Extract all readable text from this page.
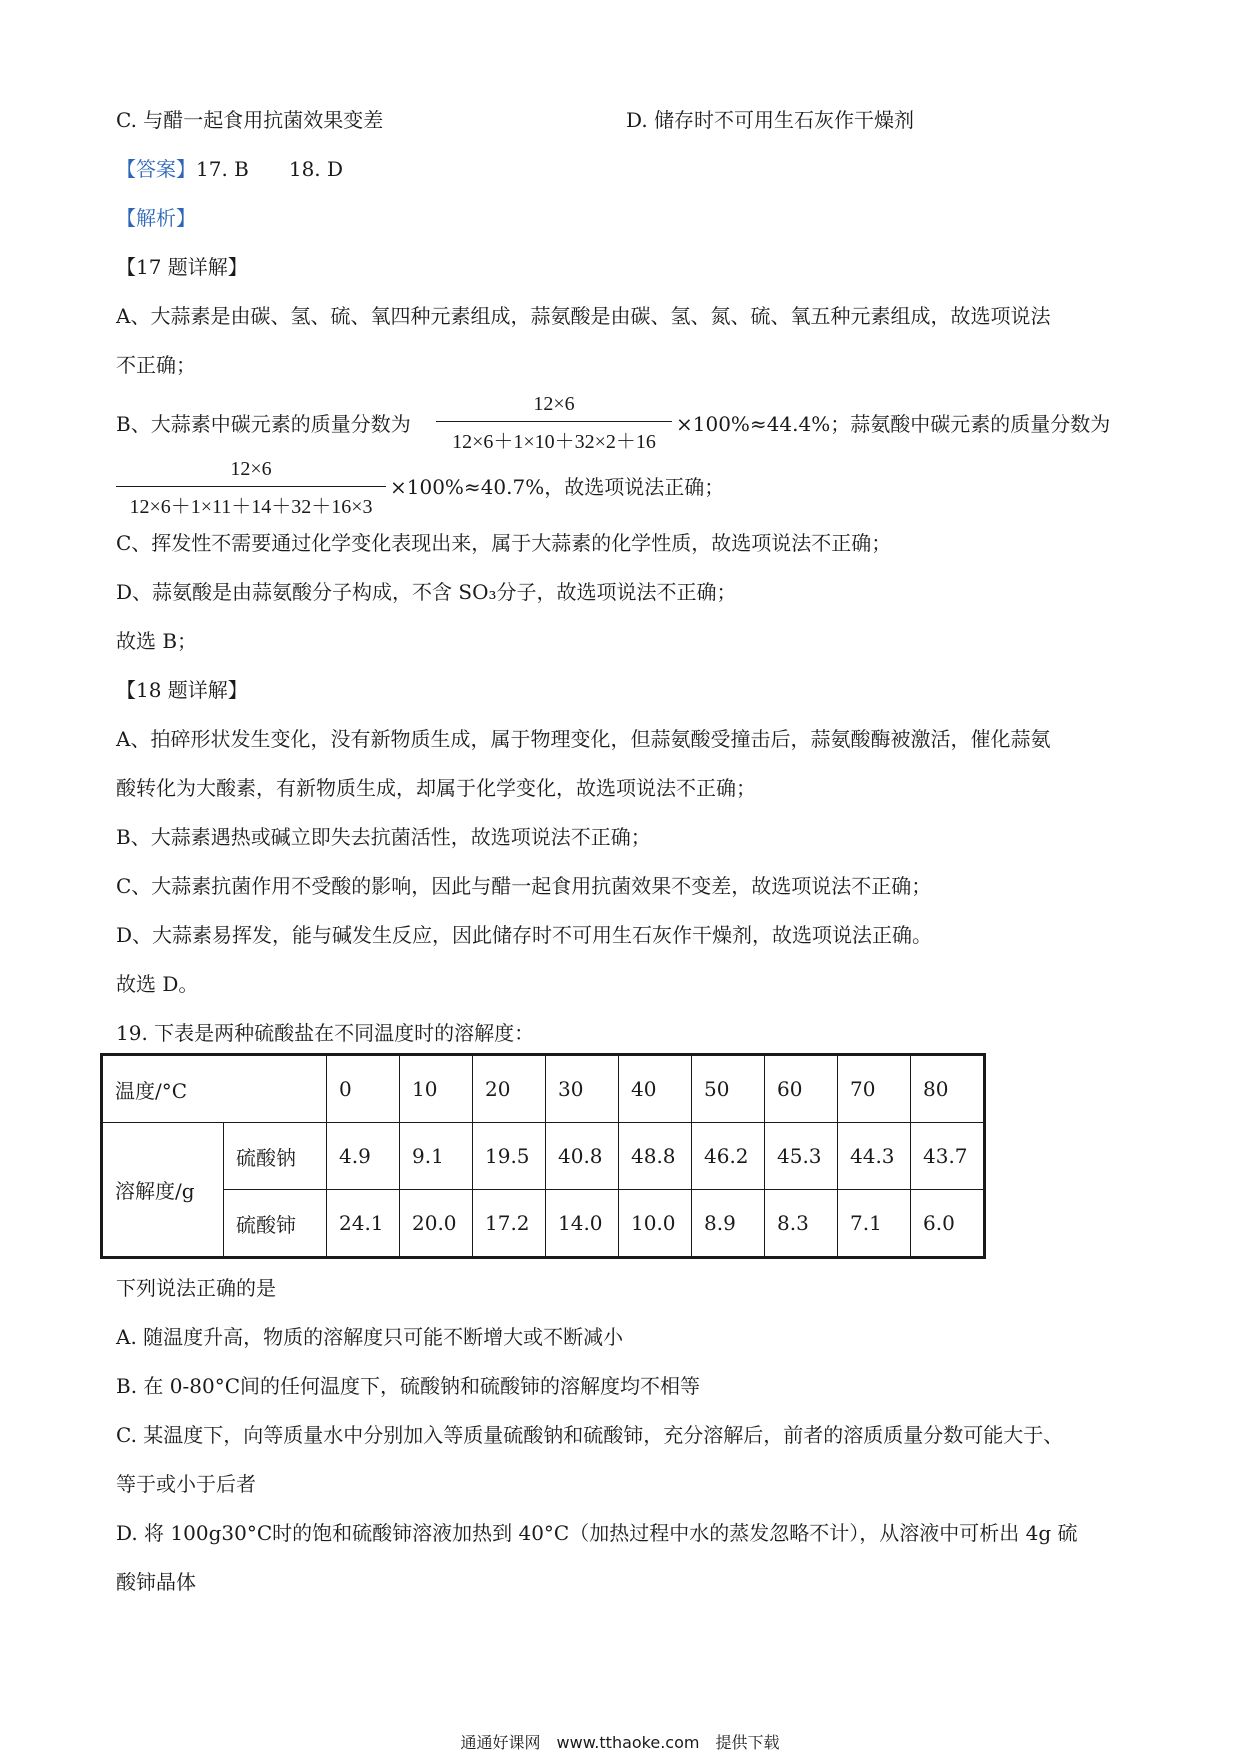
C. 与醋一起食用抗菌效果变差	D. 储存时不可用生石灰作干燥剂
【答案】17. B　　18. D
【解析】
【17 题详解】
A、大蒜素是由碳、氢、硫、氧四种元素组成，蒜氨酸是由碳、氢、氮、硫、氧五种元素组成，故选项说法
不正确；
B、大蒜素中碳元素的质量分数为
12×6
12×6＋1×10＋32×2＋16
×100%≈44.4%；蒜氨酸中碳元素的质量分数为
12×6
12×6＋1×11＋14＋32＋16×3
×100%≈40.7%，故选项说法正确；
C、挥发性不需要通过化学变化表现出来，属于大蒜素的化学性质，故选项说法不正确；
D、蒜氨酸是由蒜氨酸分子构成，不含 SO₃分子，故选项说法不正确；
故选 B；
【18 题详解】
A、拍碎形状发生变化，没有新物质生成，属于物理变化，但蒜氨酸受撞击后，蒜氨酸酶被激活，催化蒜氨
酸转化为大酸素，有新物质生成，却属于化学变化，故选项说法不正确；
B、大蒜素遇热或碱立即失去抗菌活性，故选项说法不正确；
C、大蒜素抗菌作用不受酸的影响，因此与醋一起食用抗菌效果不变差，故选项说法不正确；
D、大蒜素易挥发，能与碱发生反应，因此储存时不可用生石灰作干燥剂，故选项说法正确。
故选 D。
19. 下表是两种硫酸盐在不同温度时的溶解度：
温度/°C		0	10	20	30	40	50	60	70	80
溶解度/g	硫酸钠	4.9	9.1	19.5	40.8	48.8	46.2	45.3	44.3	43.7
	硫酸铈	24.1	20.0	17.2	14.0	10.0	8.9	8.3	7.1	6.0
下列说法正确的是
A. 随温度升高，物质的溶解度只可能不断增大或不断减小
B. 在 0-80°C间的任何温度下，硫酸钠和硫酸铈的溶解度均不相等
C. 某温度下，向等质量水中分别加入等质量硫酸钠和硫酸铈，充分溶解后，前者的溶质质量分数可能大于、
等于或小于后者
D. 将 100g30°C时的饱和硫酸铈溶液加热到 40°C（加热过程中水的蒸发忽略不计），从溶液中可析出 4g 硫
酸铈晶体
通通好课网　www.tthaoke.com　提供下载
